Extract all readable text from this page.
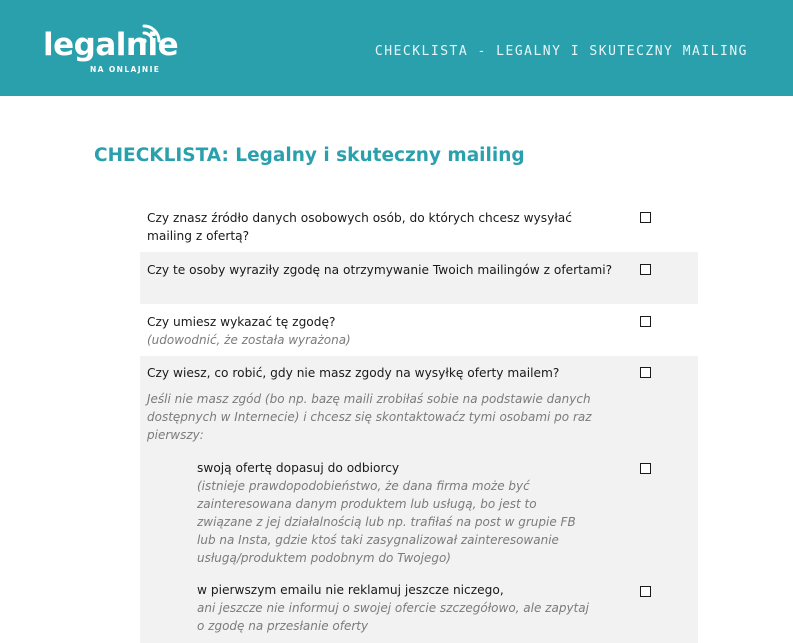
legalnie
NA ONLAJNIE
CHECKLISTA - LEGALNY I SKUTECZNY MAILING
CHECKLISTA: Legalny i skuteczny mailing
Czy znasz źródło danych osobowych osób, do których chcesz wysyłać mailing z ofertą?
Czy te osoby wyraziły zgodę na otrzymywanie Twoich mailingów z ofertami?
Czy umiesz wykazać tę zgodę?
(udowodnić, że została wyrażona)
Czy wiesz, co robić, gdy nie masz zgody na wysyłkę oferty mailem?
Jeśli nie masz zgód (bo np. bazę maili zrobiłaś sobie na podstawie danych dostępnych w Internecie) i chcesz się skontaktowaćz tymi osobami po raz pierwszy:
swoją ofertę dopasuj do odbiorcy
(istnieje prawdopodobieństwo, że dana firma może być zainteresowana danym produktem lub usługą, bo jest to związane z jej działalnością lub np. trafiłaś na post w grupie FB lub na Insta, gdzie ktoś taki zasygnalizował zainteresowanie usługą/produktem podobnym do Twojego)
w pierwszym emailu nie reklamuj jeszcze niczego,
ani jeszcze nie informuj o swojej ofercie szczegółowo, ale zapytaj o zgodę na przesłanie oferty
